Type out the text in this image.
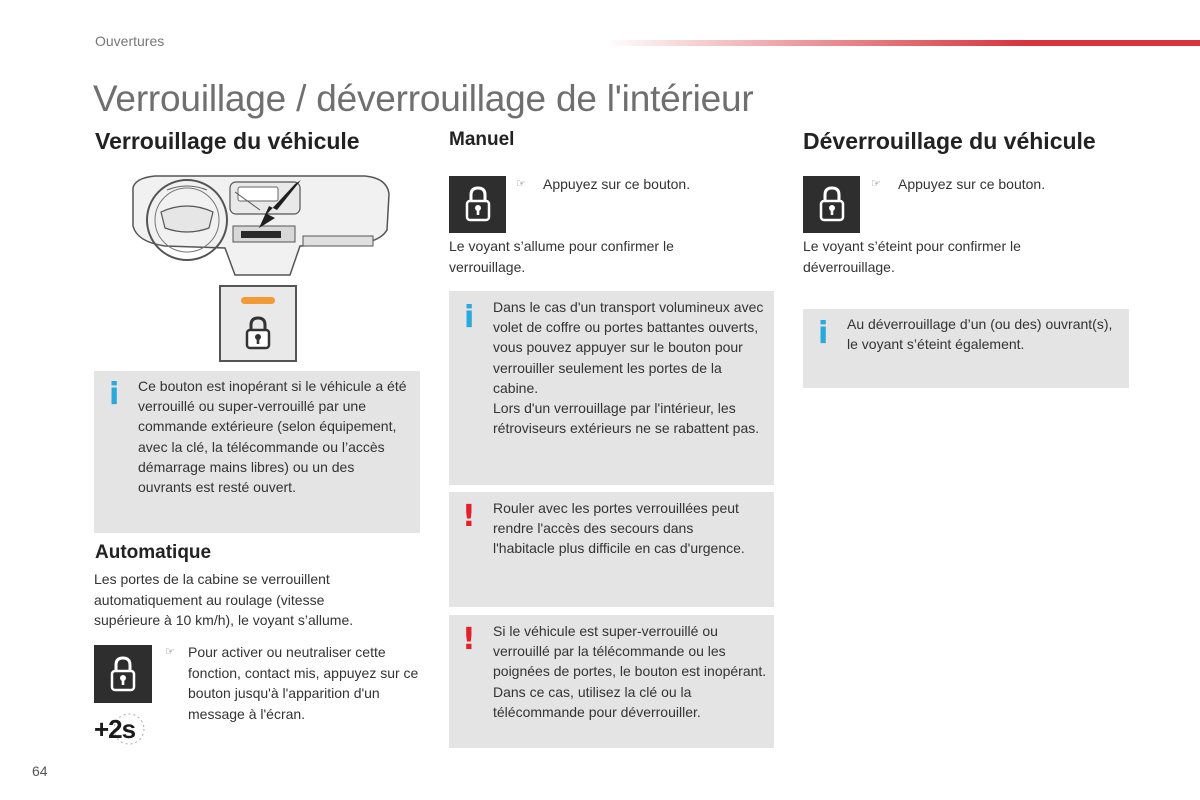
Ouvertures
Verrouillage / déverrouillage de l'intérieur
Verrouillage du véhicule
i Ce bouton est inopérant si le véhicule a été verrouillé ou super-verrouillé par une commande extérieure (selon équipement, avec la clé, la télécommande ou l’accès démarrage mains libres) ou un des ouvrants est resté ouvert.

Automatique

Les portes de la cabine se verrouillent automatiquement au roulage (vitesse supérieure à 10 km/h), le voyant s’allume.

☞ Pour activer ou neutraliser cette fonction, contact mis, appuyez sur ce bouton jusqu'à l'apparition d'un message à l'écran.

+2s
64
Manuel
☞ Appuyez sur ce bouton.

Le voyant s’allume pour confirmer le verrouillage.

i Dans le cas d'un transport volumineux avec volet de coffre ou portes battantes ouverts, vous pouvez appuyer sur le bouton pour verrouiller seulement les portes de la cabine.

Lors d'un verrouillage par l'intérieur, les rétroviseurs extérieurs ne se rabattent pas.

! Rouler avec les portes verrouillées peut rendre l'accès des secours dans l'habitacle plus difficile en cas d'urgence.

! Si le véhicule est super-verrouillé ou verrouillé par la télécommande ou les poignées de portes, le bouton est inopérant. Dans ce cas, utilisez la clé ou la télécommande pour déverrouiller.

Déverrouillage du véhicule
☞ Appuyez sur ce bouton.

Le voyant s’éteint pour confirmer le déverrouillage.

i Au déverrouillage d’un (ou des) ouvrant(s), le voyant s’éteint également.
